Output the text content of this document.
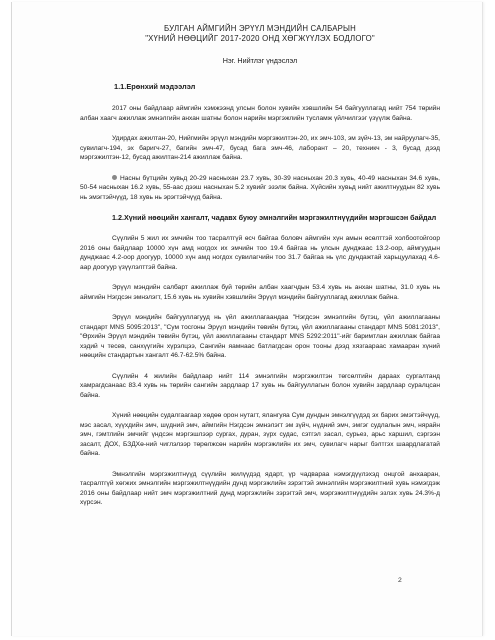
БУЛГАН АЙМГИЙН ЭРҮҮЛ МЭНДИЙН САЛБАРЫН
"ХҮНИЙ НӨӨЦИЙГ 2017-2020 ОНД ХӨГЖҮҮЛЭХ БОДЛОГО"
Нэг. Нийтлэг үндэслэл
1.1.Ерөнхий мэдээлэл

2017 оны байдлаар аймгийн хэмжээнд улсын болон хувийн хэвшлийн 54 байгууллагад нийт 754 төрийн албан хаагч ажиллаж эмнэлгийн анхан шатны болон нарийн мэргэжлийн тусламж үйлчилгээг үзүүлж байна.

Удирдах ажилтан-20, Нийгмийн эрүүл мэндийн мэргэжилтэн-20, их эмч-103, эм зүйч-13, эм найруулагч-35, сувилагч-194, эх баригч-27, багийн эмч-47, бусад бага эмч-46, лаборант – 20, техникч - 3, бусад дээд мэргэжилтэн-12, бусад ажилтан-214 ажиллаж байна.

Насны бүтцийн хувьд 20-29 насныхан 23.7 хувь, 30-39 насныхан 20.3 хувь, 40-49 насныхан 34.6 хувь, 50-54 насныхан 16.2 хувь, 55-аас дээш насныхан 5.2 хувийг эзэлж байна. Хүйсийн хувьд нийт ажилтнуудын 82 хувь нь эмэгтэйчүүд, 18 хувь нь эрэгтэйчүүд байна.

1.2.Хүний нөөцийн хангалт, чадавх буюу эмнэлгийн мэргэжилтнүүдийн мэргэшсэн байдал

Сүүлийн 5 жил их эмчийн тоо тасралтгүй өсч байгаа боловч аймгийн хүн амын өсөлттэй холбоотойгоор 2016 оны байдлаар 10000 хүн амд ногдох их эмчийн тоо 19.4 байгаа нь улсын дунджаас 13.2-оор, аймгуудын дунджаас 4.2-оор доогуур, 10000 хүн амд ногдох сувилагчийн тоо 31.7 байгаа нь үлс дундажтай харьцуулахад 4.6-аар доогуур үзүүлэлттэй байна.

Эрүүл мэндийн салбарт ажиллаж буй төрийн албан хаагчдын 53.4 хувь нь анхан шатны, 31.0 хувь нь аймгийн Нэгдсэн эмнэлэгт, 15.6 хувь нь хувийн хэвшлийн Эрүүл мэндийн байгууллагад ажиллаж байна.

Эрүүл мэндийн байгууллагууд нь үйл ажиллагаандаа "Нэгдсэн эмнэлгийн бүтэц, үйл ажиллагааны стандарт MNS 5095:2013", "Сум тосгоны Эрүүл мэндийн төвийн бүтэц, үйл ажиллагааны стандарт MNS 5081:2013", "Өрхийн Эрүүл мэндийн төвийн бүтэц, үйл ажиллагааны стандарт MNS 5292:2011"-ийг баримтлан ажиллаж байгаа хэдий ч тесев, санхүүгийн хүрэлцээ, Сангийн яамнаас батлагдсан орон тооны дээд хязгаараас хамааран хүний нөөцийн стандартын хангалт 46.7-62.5% байна.

Сүүлийн 4 жилийн байдлаар нийт 114 эмнэлгийн мэргэжилтэн төгсөлтийн дараах сургалтанд хамрагдсанаас 83.4 хувь нь төрийн сангийн зардлаар 17 хувь нь байгууллагын болон хувийн зардлаар суралцсан байна.

Хүний нөөцийн судалгаагаар хөдөө орон нутагт, ялангуяа Сум дундын эмнэлгүүдэд эх барих эмэгтэйчүүд, мэс засал, хүүхдийн эмч, шүдний эмч, аймгийн Нэгдсэн эмнэлэгт эм зүйч, нүдний эмч, эмгэг судлалын эмч, нярайн эмч, гэмтлийн эмчийг үндсэн мэргэшлээр сургах, дуран, зүрх судас, сэтгэл засал, сурьез, арьс харшил, сэргээн засалт, ДОХ, БЗДХө-ний чиглэлээр төрөлжсөн нарийн мэргэжлийн их эмч, сувилагч нарыг бэлтгэх шаардлагатай байна.

Эмнэлгийн мэргэжилтнүүд сүүлийн жилүүдэд ядарт, үр чадвараа нэмэгдүүлэхэд онцгой анхааран, тасралтгүй хөгжих эмнэлгийн мэргэжилтнүүдийн дунд мэргэжлийн зэрэгтэй эмнэлгийн мэргэжилтний хувь нэмэгдэж 2016 оны байдлаар нийт эмч мэргэжилтний дунд мэргэжлийн зэрэгтэй эмч, мэргэжилтнүүдийн эзлэх хувь 24.3%-д хүрсэн.

2
